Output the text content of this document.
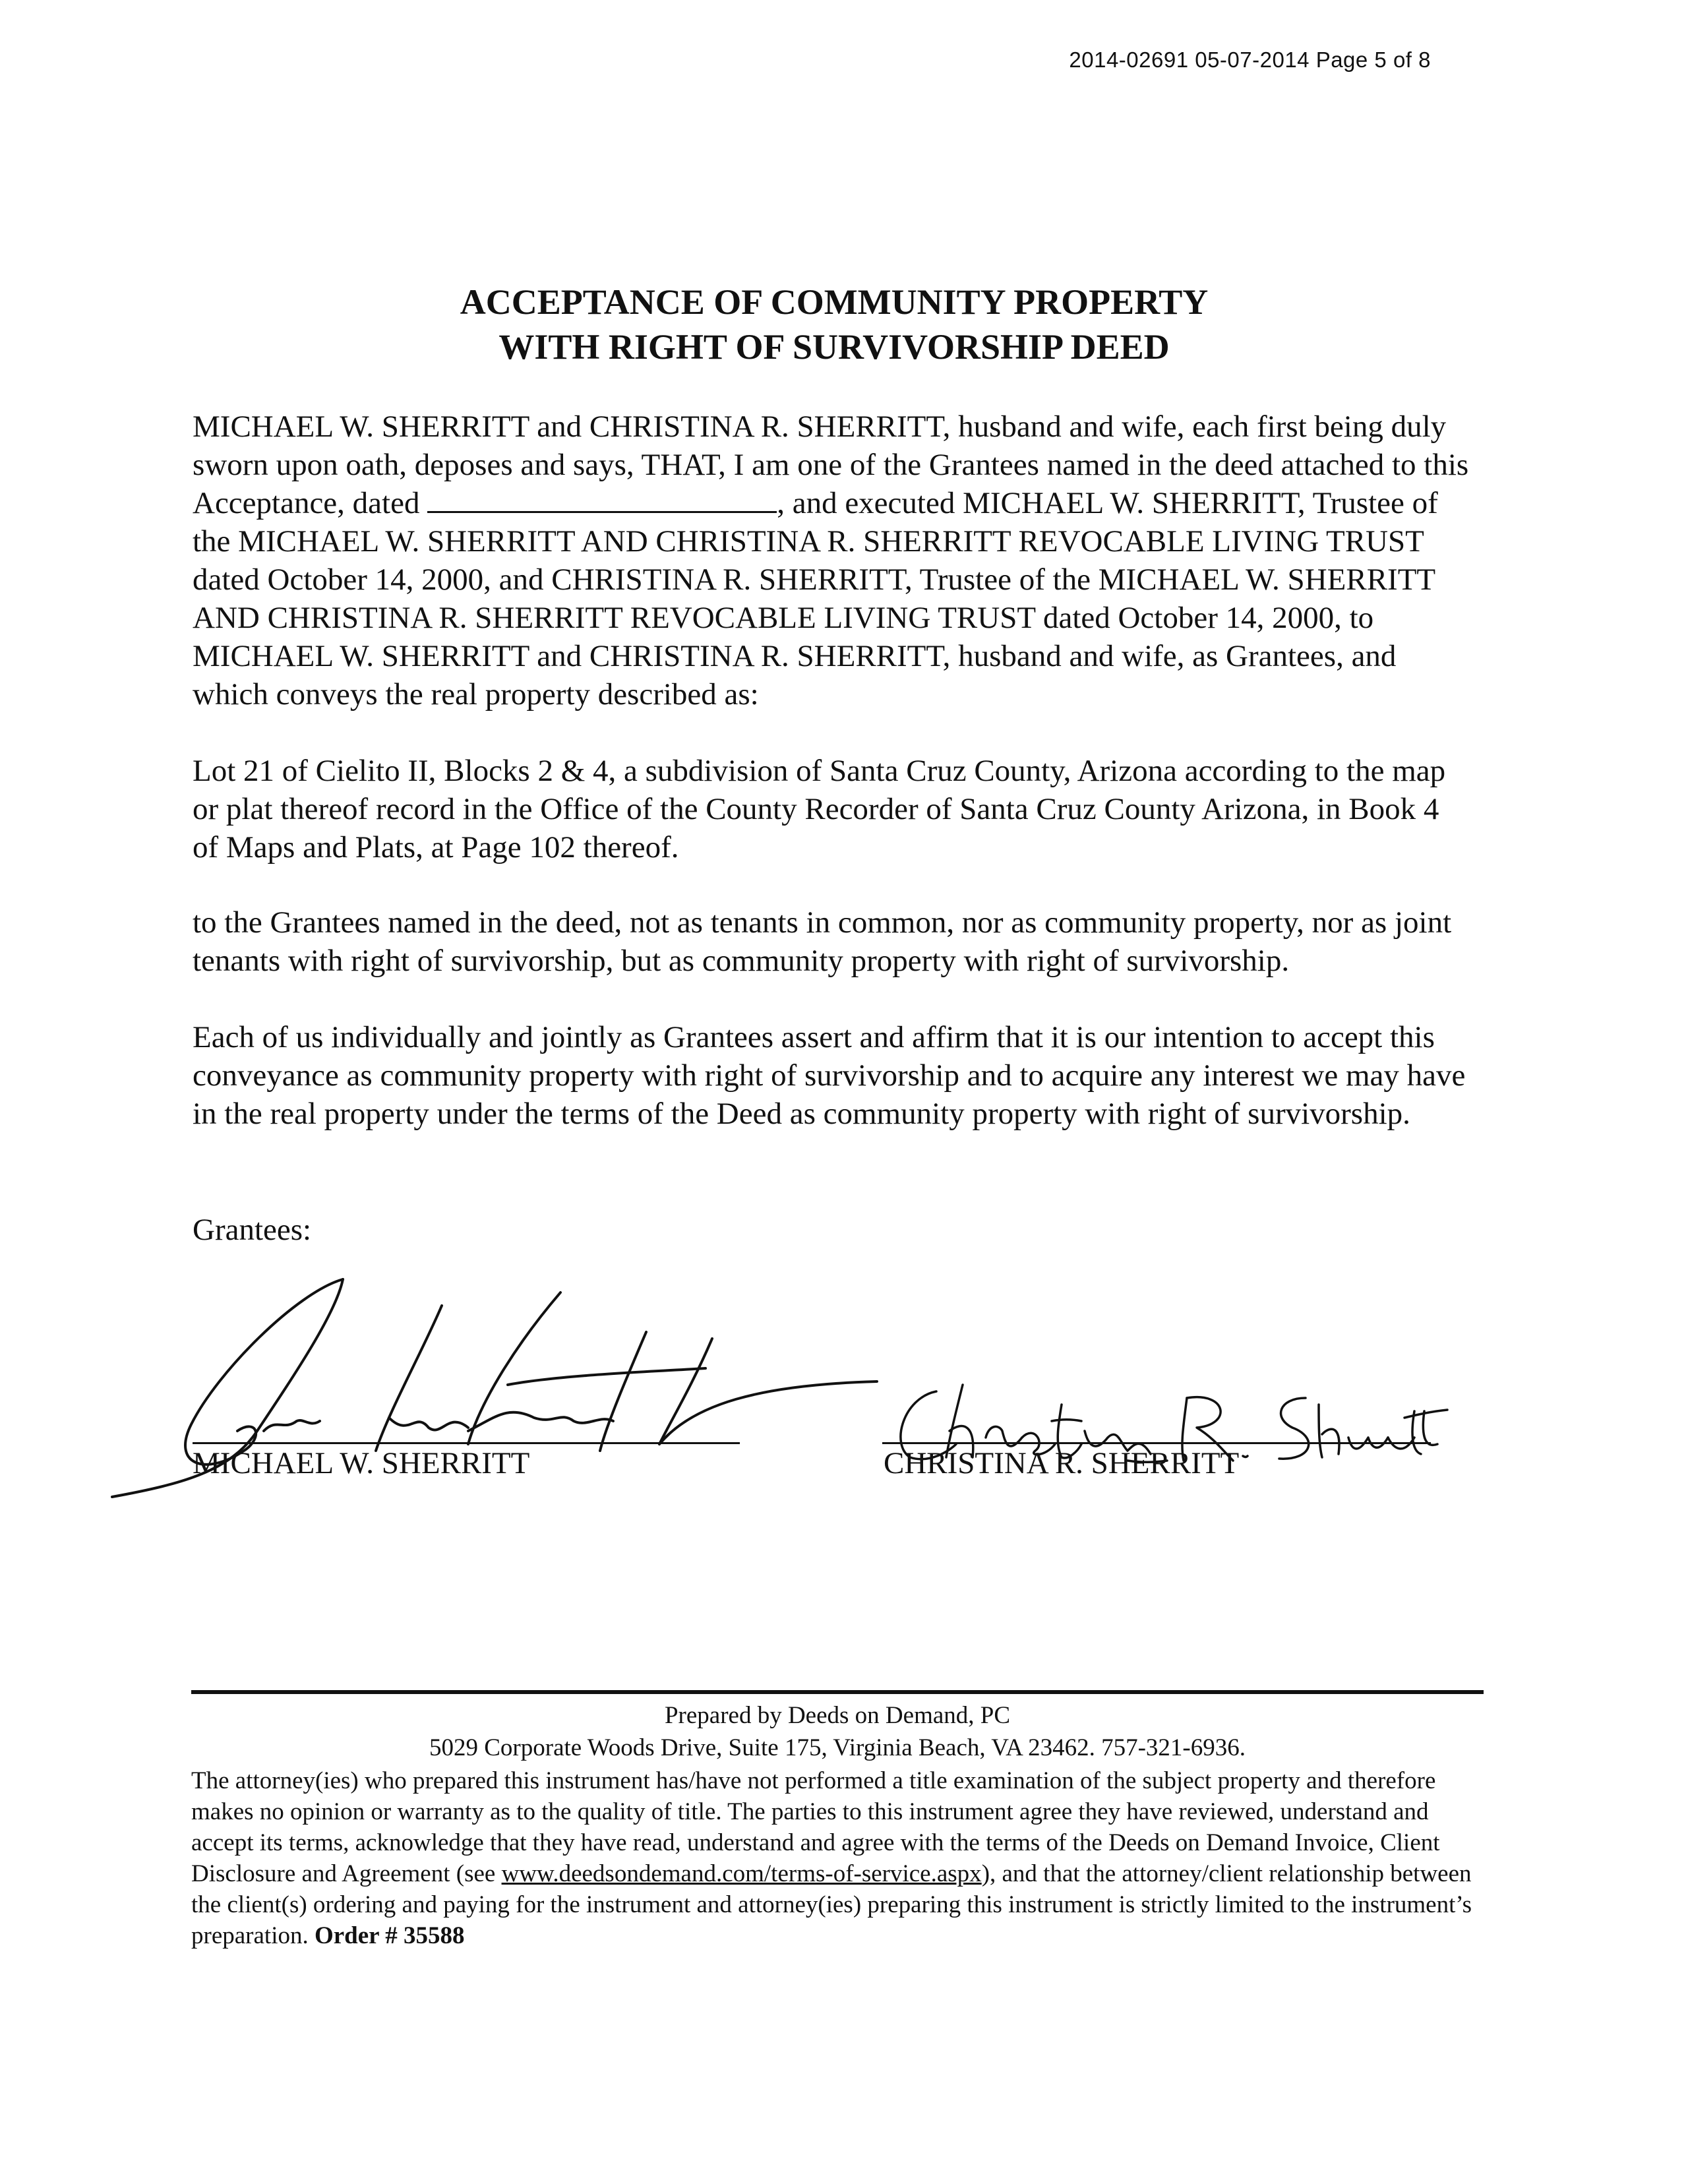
2014-02691 05-07-2014 Page 5 of 8
ACCEPTANCE OF COMMUNITY PROPERTY
WITH RIGHT OF SURVIVORSHIP DEED
MICHAEL W. SHERRITT and CHRISTINA R. SHERRITT, husband and wife, each first being duly sworn upon oath, deposes and says, THAT, I am one of the Grantees named in the deed attached to this Acceptance, dated	, and executed MICHAEL W. SHERRITT, Trustee of the MICHAEL W. SHERRITT AND CHRISTINA R. SHERRITT REVOCABLE LIVING TRUST dated October 14, 2000, and CHRISTINA R. SHERRITT, Trustee of the MICHAEL W. SHERRITT AND CHRISTINA R. SHERRITT REVOCABLE LIVING TRUST dated October 14, 2000, to MICHAEL W. SHERRITT and CHRISTINA R. SHERRITT, husband and wife, as Grantees, and which conveys the real property described as:
Lot 21 of Cielito II, Blocks 2 & 4, a subdivision of Santa Cruz County, Arizona according to the map or plat thereof record in the Office of the County Recorder of Santa Cruz County Arizona, in Book 4 of Maps and Plats, at Page 102 thereof.
to the Grantees named in the deed, not as tenants in common, nor as community property, nor as joint tenants with right of survivorship, but as community property with right of survivorship.
Each of us individually and jointly as Grantees assert and affirm that it is our intention to accept this conveyance as community property with right of survivorship and to acquire any interest we may have in the real property under the terms of the Deed as community property with right of survivorship.
Grantees:
MICHAEL W. SHERRITT	CHRISTINA R. SHERRITT
Prepared by Deeds on Demand, PC
5029 Corporate Woods Drive, Suite 175, Virginia Beach, VA 23462. 757-321-6936.
The attorney(ies) who prepared this instrument has/have not performed a title examination of the subject property and therefore makes no opinion or warranty as to the quality of title. The parties to this instrument agree they have reviewed, understand and accept its terms, acknowledge that they have read, understand and agree with the terms of the Deeds on Demand Invoice, Client Disclosure and Agreement (see www.deedsondemand.com/terms-of-service.aspx), and that the attorney/client relationship between the client(s) ordering and paying for the instrument and attorney(ies) preparing this instrument is strictly limited to the instrument’s preparation. Order # 35588
